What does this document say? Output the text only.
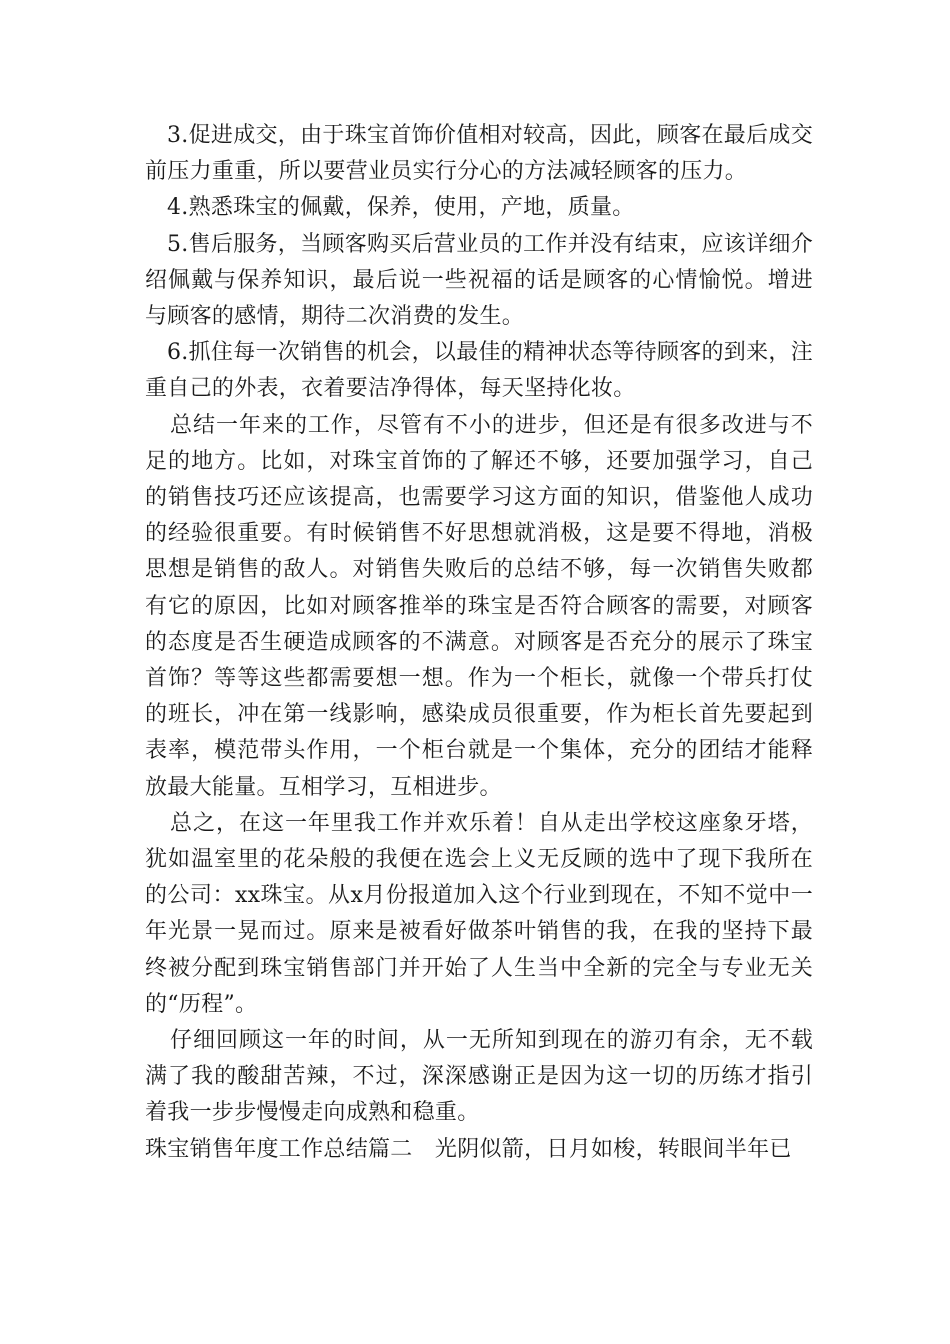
3.促进成交，由于珠宝首饰价值相对较高，因此，顾客在最后成交前压力重重，所以要营业员实行分心的方法减轻顾客的压力。

4.熟悉珠宝的佩戴，保养，使用，产地，质量。

5.售后服务，当顾客购买后营业员的工作并没有结束，应该详细介绍佩戴与保养知识，最后说一些祝福的话是顾客的心情愉悦。增进与顾客的感情，期待二次消费的发生。

6.抓住每一次销售的机会，以最佳的精神状态等待顾客的到来，注重自己的外表，衣着要洁净得体，每天坚持化妆。

总结一年来的工作，尽管有不小的进步，但还是有很多改进与不足的地方。比如，对珠宝首饰的了解还不够，还要加强学习，自己的销售技巧还应该提高，也需要学习这方面的知识，借鉴他人成功的经验很重要。有时候销售不好思想就消极，这是要不得地，消极思想是销售的敌人。对销售失败后的总结不够，每一次销售失败都有它的原因，比如对顾客推举的珠宝是否符合顾客的需要，对顾客的态度是否生硬造成顾客的不满意。对顾客是否充分的展示了珠宝首饰？等等这些都需要想一想。作为一个柜长，就像一个带兵打仗的班长，冲在第一线影响，感染成员很重要，作为柜长首先要起到表率，模范带头作用，一个柜台就是一个集体，充分的团结才能释放最大能量。互相学习，互相进步。

总之，在这一年里我工作并欢乐着！自从走出学校这座象牙塔，犹如温室里的花朵般的我便在选会上义无反顾的选中了现下我所在的公司：xx珠宝。从x月份报道加入这个行业到现在，不知不觉中一年光景一晃而过。原来是被看好做茶叶销售的我，在我的坚持下最终被分配到珠宝销售部门并开始了人生当中全新的完全与专业无关的“历程”。

仔细回顾这一年的时间，从一无所知到现在的游刃有余，无不载满了我的酸甜苦辣，不过，深深感谢正是因为这一切的历练才指引着我一步步慢慢走向成熟和稳重。

珠宝销售年度工作总结篇二　光阴似箭，日月如梭，转眼间半年已
